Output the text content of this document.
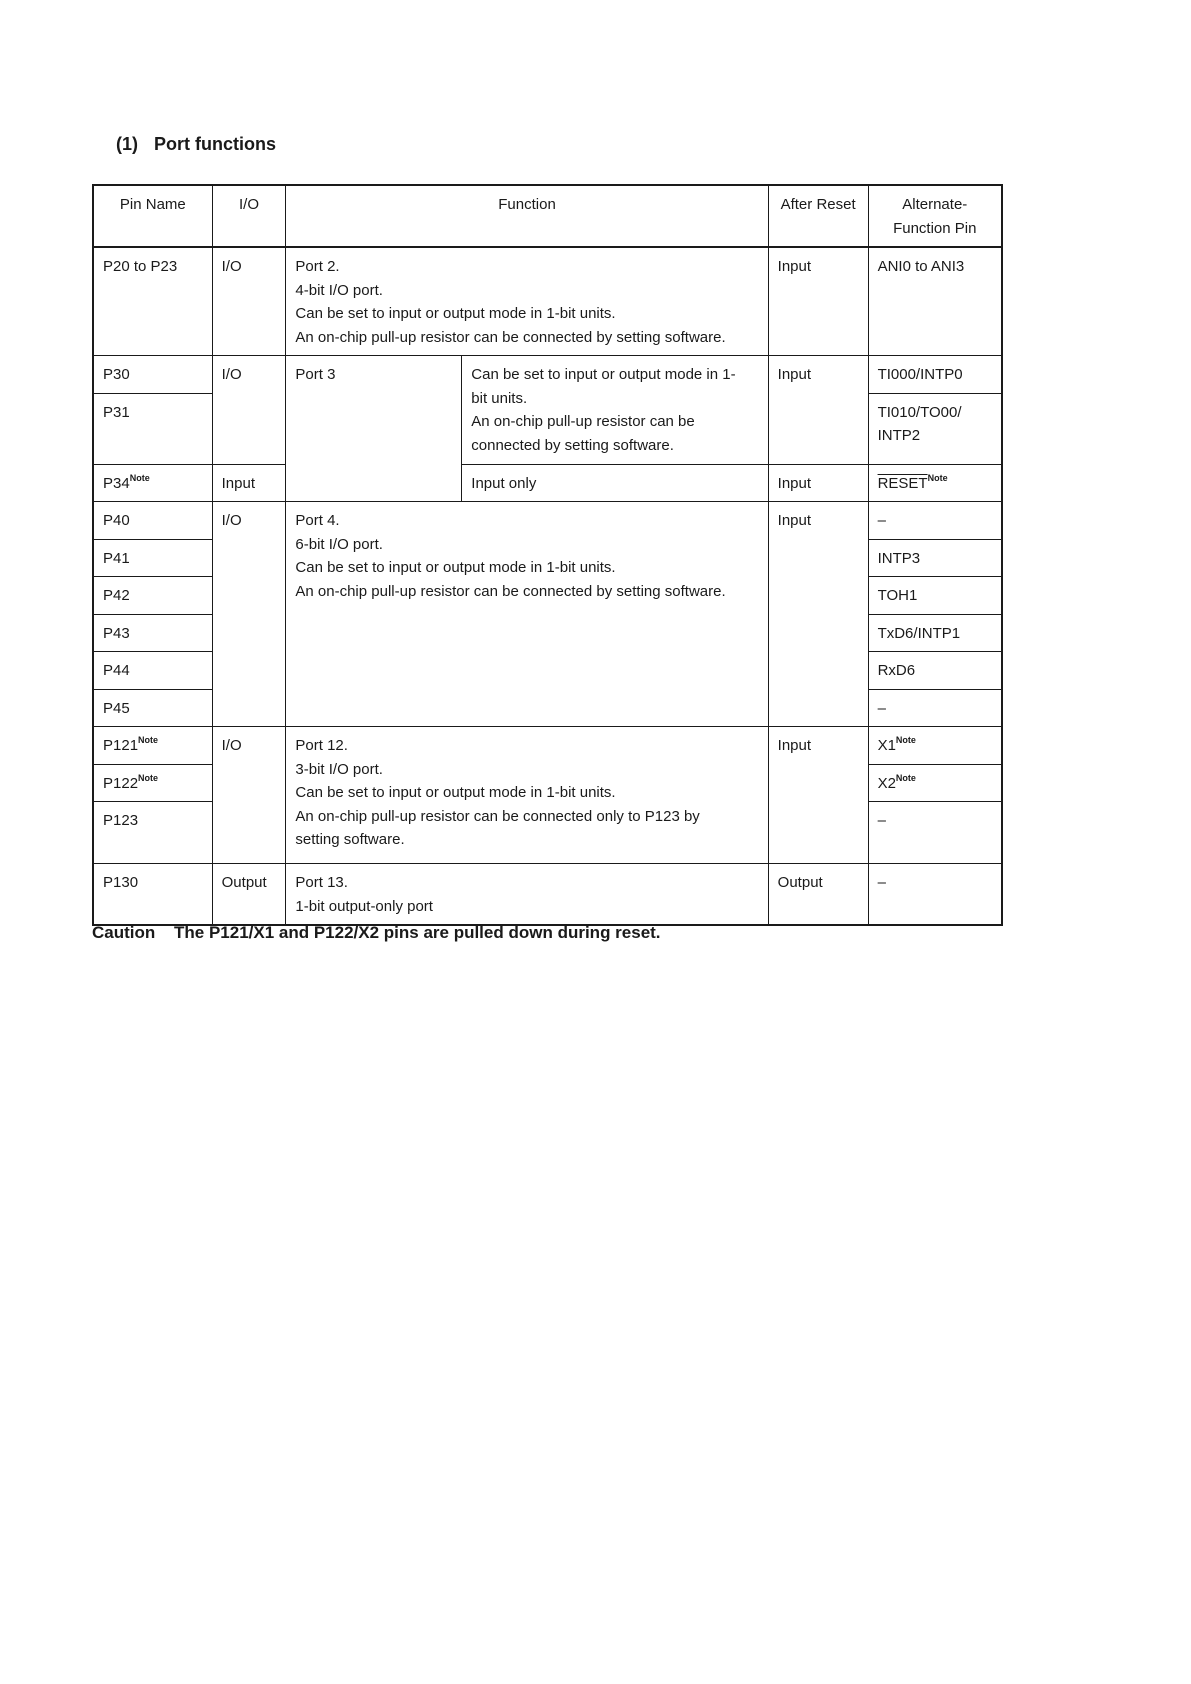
(1) Port functions
Pin Name	I/O	Function		After Reset	Alternate-
Function Pin

P20 to P23	I/O	Port 2.
4-bit I/O port.
Can be set to input or output mode in 1-bit units.
An on-chip pull-up resistor can be connected by setting software.		Input	ANI0 to ANI3
P30	I/O	Port 3	Can be set to input or output mode in 1-
bit units.
An on-chip pull-up resistor can be
connected by setting software.	Input	TI000/INTP0
P31					TI010/TO00/
INTP2

P34$^{Note}$	Input		Input only	Input	RESET$^{Note}$
P40	I/O	Port 4.
6-bit I/O port.
Can be set to input or output mode in 1-bit units.
An on-chip pull-up resistor can be connected by setting software.		Input	–
P41					INTP3
P42					TOH1
P43					TxD6/INTP1
P44					RxD6
P45					–
P121$^{Note}$	I/O	Port 12.
3-bit I/O port.
Can be set to input or output mode in 1-bit units.
An on-chip pull-up resistor can be connected only to P123 by
setting software.		Input	X1$^{Note}$
P122$^{Note}$					X2$^{Note}$
P123					–
P130	Output	Port 13.
1-bit output-only port		Output	–
Caution The P121/X1 and P122/X2 pins are pulled down during reset.
